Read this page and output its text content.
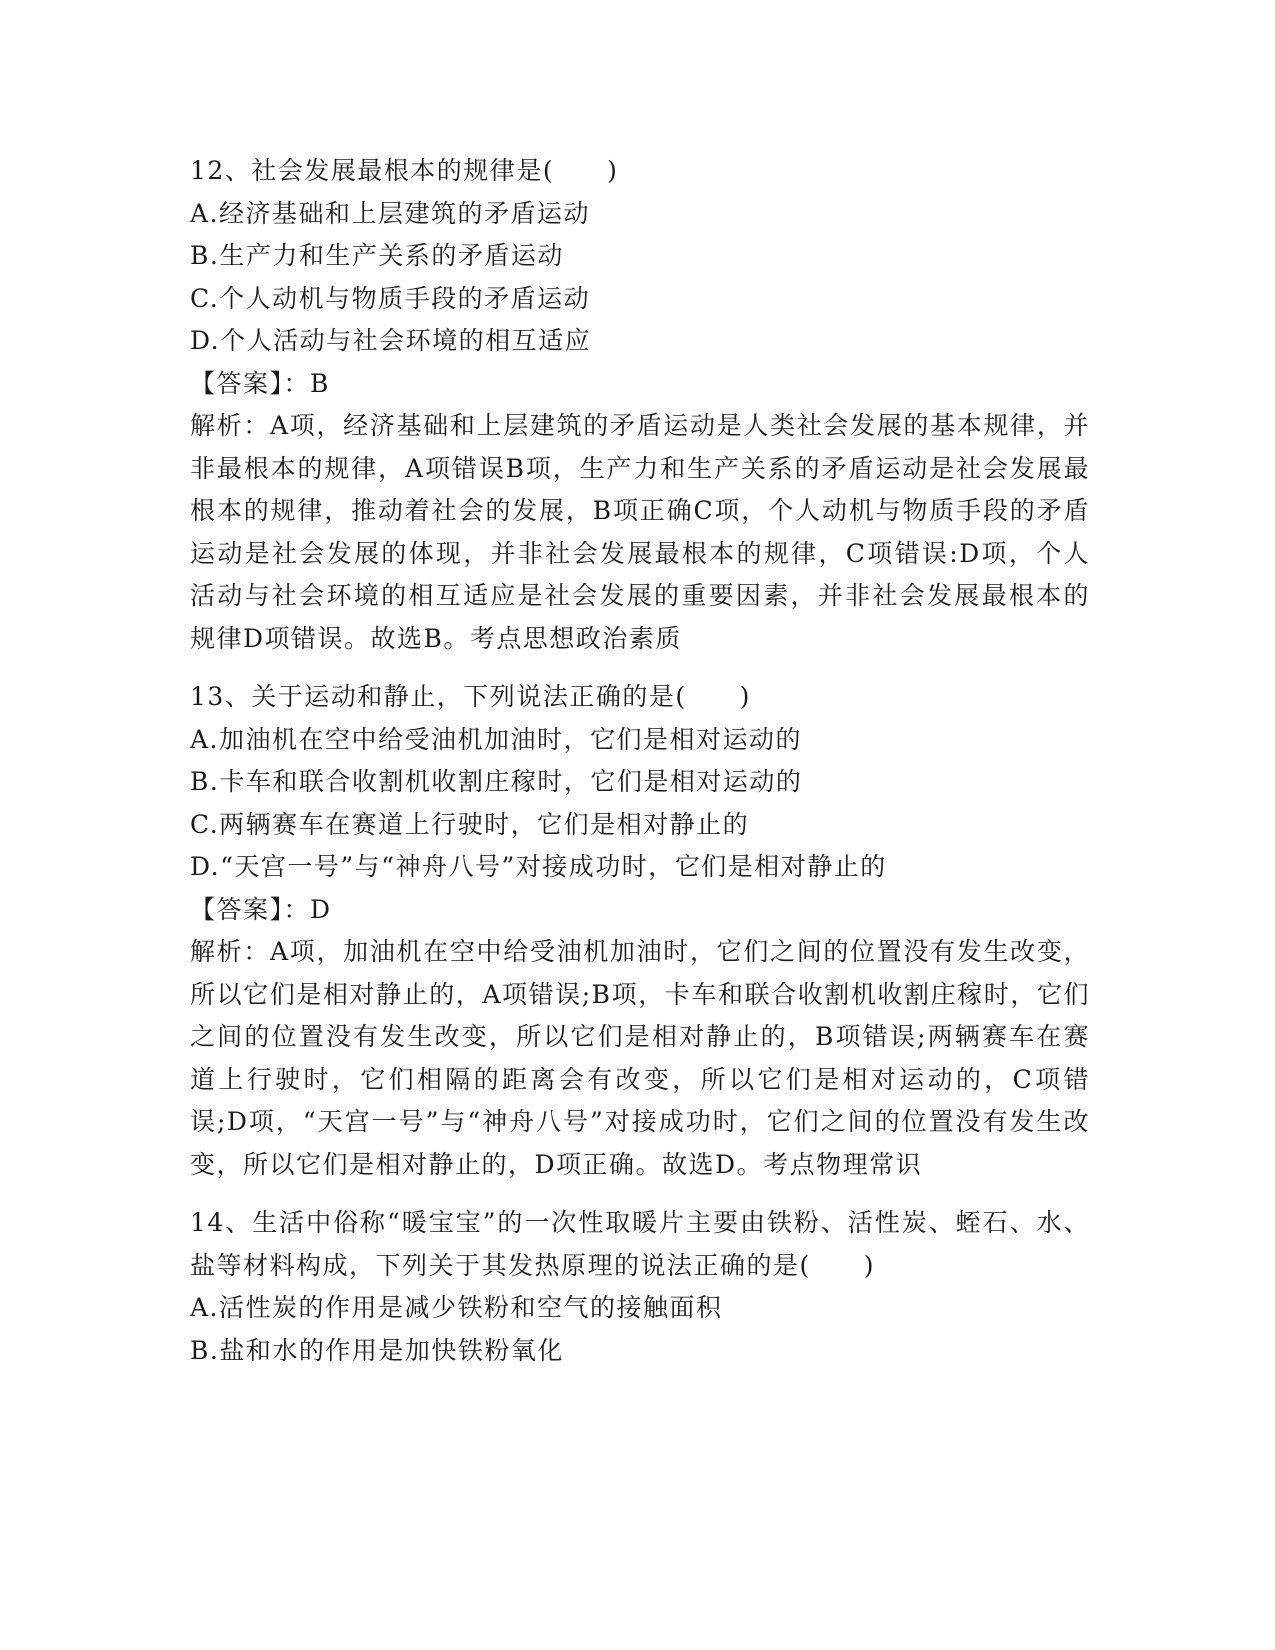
12、社会发展最根本的规律是(　　)
A.经济基础和上层建筑的矛盾运动
B.生产力和生产关系的矛盾运动
C.个人动机与物质手段的矛盾运动
D.个人活动与社会环境的相互适应
【答案】：B
解析：A项，经济基础和上层建筑的矛盾运动是人类社会发展的基本规律，并非最根本的规律，A项错误B项，生产力和生产关系的矛盾运动是社会发展最根本的规律，推动着社会的发展，B项正确C项，个人动机与物质手段的矛盾运动是社会发展的体现，并非社会发展最根本的规律，C项错误:D项，个人活动与社会环境的相互适应是社会发展的重要因素，并非社会发展最根本的规律D项错误。故选B。考点思想政治素质
13、关于运动和静止，下列说法正确的是(　　)
A.加油机在空中给受油机加油时，它们是相对运动的
B.卡车和联合收割机收割庄稼时，它们是相对运动的
C.两辆赛车在赛道上行驶时，它们是相对静止的
D.“天宫一号”与“神舟八号”对接成功时，它们是相对静止的
【答案】：D
解析：A项，加油机在空中给受油机加油时，它们之间的位置没有发生改变，所以它们是相对静止的，A项错误;B项，卡车和联合收割机收割庄稼时，它们之间的位置没有发生改变，所以它们是相对静止的，B项错误;两辆赛车在赛道上行驶时，它们相隔的距离会有改变，所以它们是相对运动的，C项错误;D项，“天宫一号”与“神舟八号”对接成功时，它们之间的位置没有发生改变，所以它们是相对静止的，D项正确。故选D。考点物理常识
14、生活中俗称“暖宝宝”的一次性取暖片主要由铁粉、活性炭、蛭石、水、盐等材料构成，下列关于其发热原理的说法正确的是(　　)
A.活性炭的作用是减少铁粉和空气的接触面积
B.盐和水的作用是加快铁粉氧化
